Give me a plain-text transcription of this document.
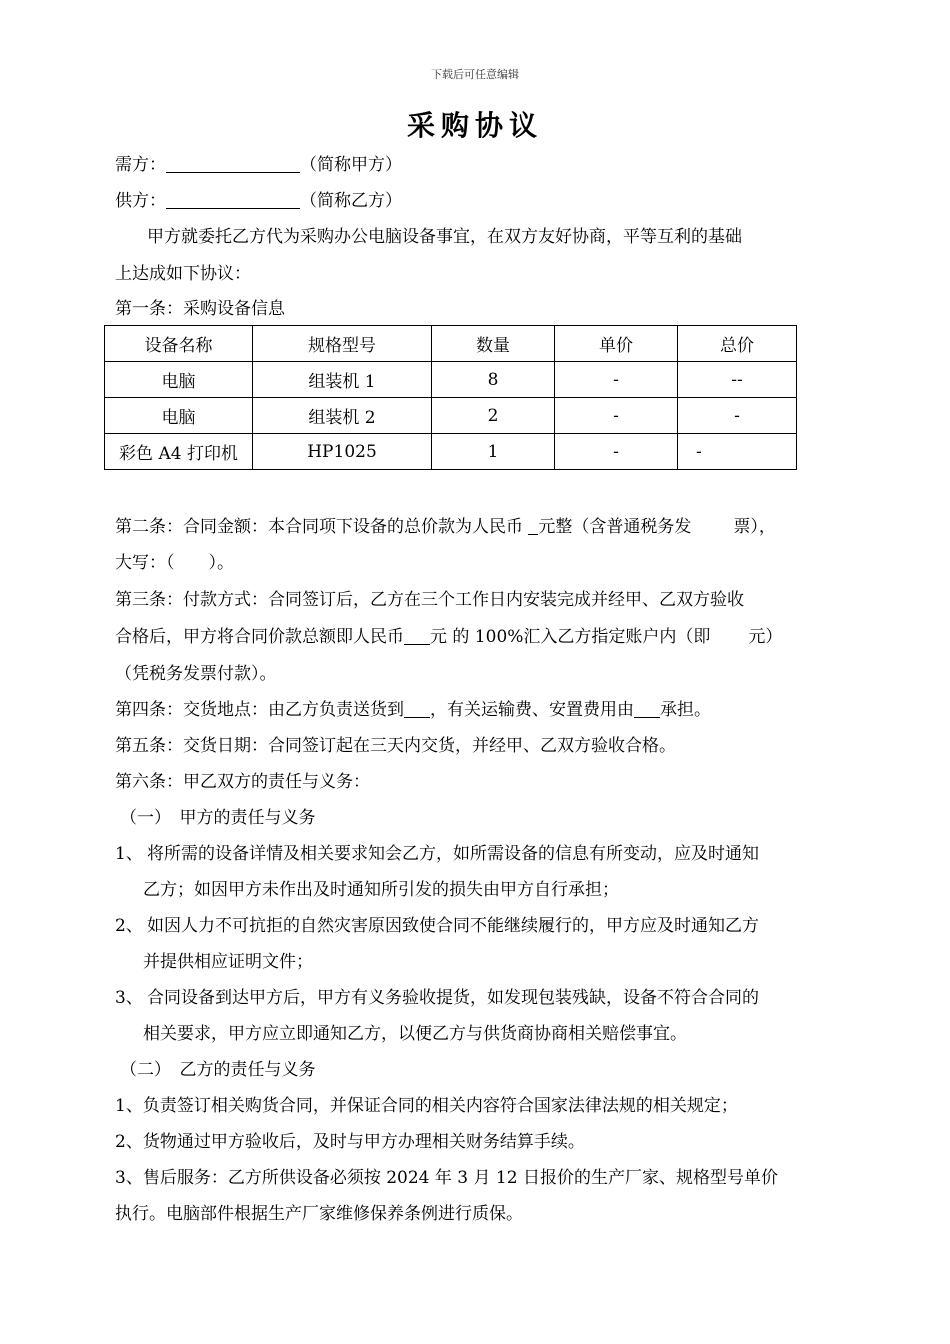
下载后可任意编辑
采购协议
需方：	（简称甲方）
供方：	（简称乙方）
甲方就委托乙方代为采购办公电脑设备事宜，在双方友好协商，平等互利的基础
上达成如下协议：
第一条：采购设备信息
设备名称	规格型号	数量	单价	总价
电脑	组装机 1	8	-	--
电脑	组装机 2	2	-	-
彩色 A4 打印机	HP1025	1	-	-
第二条：合同金额：本合同项下设备的总价款为人民币 元整（含普通税务发 票），
大写：（　　）。
第三条：付款方式：合同签订后，乙方在三个工作日内安装完成并经甲、乙双方验收
合格后，甲方将合同价款总额即人民币 元 的 100%汇入乙方指定账户内（即 元）
（凭税务发票付款）。
第四条：交货地点：由乙方负责送货到 ，有关运输费、安置费用由 承担。
第五条：交货日期：合同签订起在三天内交货，并经甲、乙双方验收合格。
第六条：甲乙双方的责任与义务：
（一）　甲方的责任与义务
1、 将所需的设备详情及相关要求知会乙方，如所需设备的信息有所变动，应及时通知
乙方；如因甲方未作出及时通知所引发的损失由甲方自行承担；
2、 如因人力不可抗拒的自然灾害原因致使合同不能继续履行的，甲方应及时通知乙方
并提供相应证明文件；
3、 合同设备到达甲方后，甲方有义务验收提货，如发现包装残缺，设备不符合合同的
相关要求，甲方应立即通知乙方，以便乙方与供货商协商相关赔偿事宜。
（二）　乙方的责任与义务
1、负责签订相关购货合同，并保证合同的相关内容符合国家法律法规的相关规定；
2、货物通过甲方验收后，及时与甲方办理相关财务结算手续。
3、售后服务：乙方所供设备必须按 2024 年 3 月 12 日报价的生产厂家、规格型号单价
执行。电脑部件根据生产厂家维修保养条例进行质保。
